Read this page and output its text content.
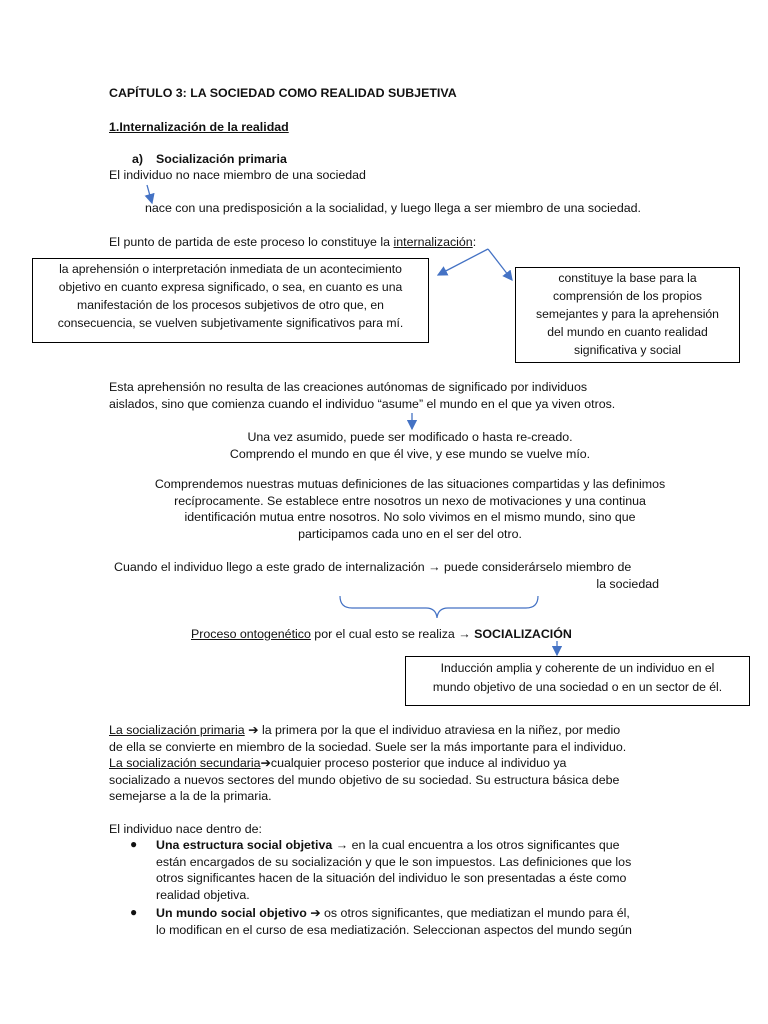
CAPÍTULO 3: LA SOCIEDAD COMO REALIDAD SUBJETIVA
1.Internalización de la realidad
a) Socialización primaria
El individuo no nace miembro de una sociedad
nace con una predisposición a la socialidad, y luego llega a ser miembro de una sociedad.
El punto de partida de este proceso lo constituye la internalización:
la aprehensión o interpretación inmediata de un acontecimiento
objetivo en cuanto expresa significado, o sea, en cuanto es una
manifestación de los procesos subjetivos de otro que, en
consecuencia, se vuelven subjetivamente significativos para mí.
constituye la base para la
comprensión de los propios
semejantes y para la aprehensión
del mundo en cuanto realidad
significativa y social
Esta aprehensión no resulta de las creaciones autónomas de significado por individuos
aislados, sino que comienza cuando el individuo “asume” el mundo en el que ya viven otros.
Una vez asumido, puede ser modificado o hasta re-creado.
Comprendo el mundo en que él vive, y ese mundo se vuelve mío.
Comprendemos nuestras mutuas definiciones de las situaciones compartidas y las definimos
recíprocamente. Se establece entre nosotros un nexo de motivaciones y una continua
identificación mutua entre nosotros. No solo vivimos en el mismo mundo, sino que
participamos cada uno en el ser del otro.
Cuando el individuo llego a este grado de internalización → puede considerárselo miembro de
la sociedad
Proceso ontogenético por el cual esto se realiza → SOCIALIZACIÓN
Inducción amplia y coherente de un individuo en el
mundo objetivo de una sociedad o en un sector de él.
La socialización primaria ➔ la primera por la que el individuo atraviesa en la niñez, por medio
de ella se convierte en miembro de la sociedad. Suele ser la más importante para el individuo.
La socialización secundaria➔cualquier proceso posterior que induce al individuo ya
socializado a nuevos sectores del mundo objetivo de su sociedad. Su estructura básica debe
semejarse a la de la primaria.
El individuo nace dentro de:
● Una estructura social objetiva → en la cual encuentra a los otros significantes que
están encargados de su socialización y que le son impuestos. Las definiciones que los
otros significantes hacen de la situación del individuo le son presentadas a éste como
realidad objetiva.
● Un mundo social objetivo ➔ os otros significantes, que mediatizan el mundo para él,
lo modifican en el curso de esa mediatización. Seleccionan aspectos del mundo según
